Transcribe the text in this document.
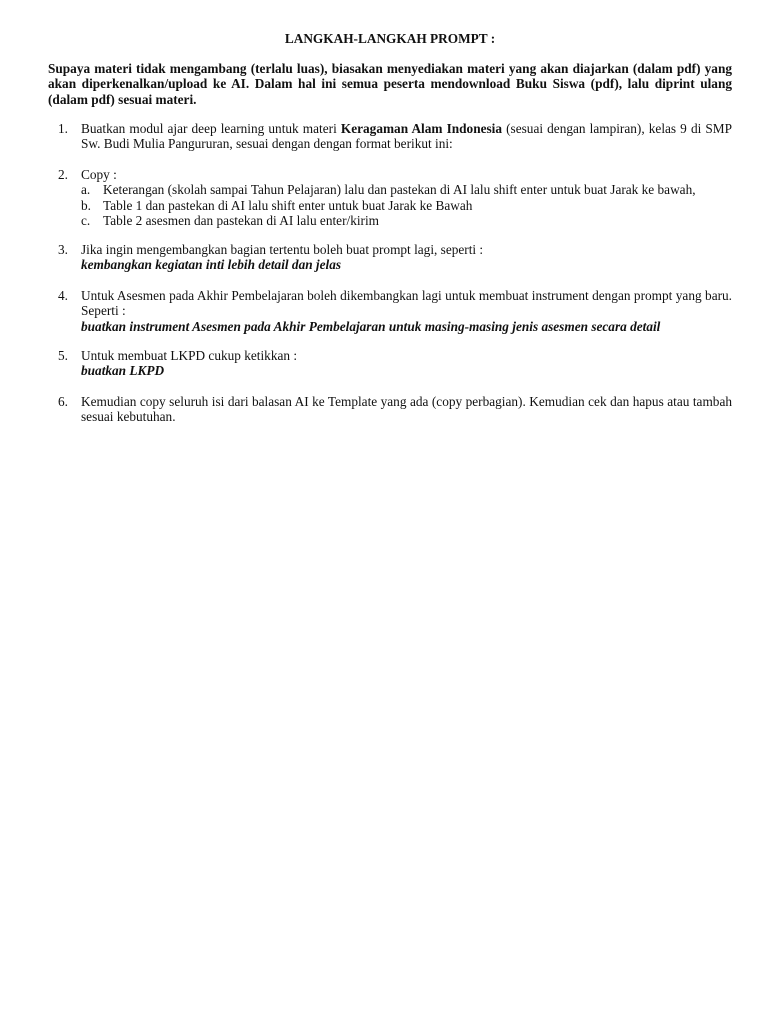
LANGKAH-LANGKAH PROMPT :
Supaya materi tidak mengambang (terlalu luas), biasakan menyediakan materi yang akan diajarkan (dalam pdf) yang akan diperkenalkan/upload ke AI. Dalam hal ini semua peserta mendownload Buku Siswa (pdf), lalu diprint ulang (dalam pdf) sesuai materi.
1. Buatkan modul ajar deep learning untuk materi Keragaman Alam Indonesia (sesuai dengan lampiran), kelas 9 di SMP Sw. Budi Mulia Pangururan, sesuai dengan dengan format berikut ini:
2. Copy :
a. Keterangan (skolah sampai Tahun Pelajaran) lalu dan pastekan di AI lalu shift enter untuk buat Jarak ke bawah,
b. Table 1 dan pastekan di AI lalu shift enter untuk buat Jarak ke Bawah
c. Table 2 asesmen dan pastekan di AI lalu enter/kirim
3. Jika ingin mengembangkan bagian tertentu boleh buat prompt lagi, seperti :
kembangkan kegiatan inti lebih detail dan jelas
4. Untuk Asesmen pada Akhir Pembelajaran boleh dikembangkan lagi untuk membuat instrument dengan prompt yang baru. Seperti :
buatkan instrument Asesmen pada Akhir Pembelajaran untuk masing-masing jenis asesmen secara detail
5. Untuk membuat LKPD cukup ketikkan :
buatkan LKPD
6. Kemudian copy seluruh isi dari balasan AI ke Template yang ada (copy perbagian). Kemudian cek dan hapus atau tambah sesuai kebutuhan.
